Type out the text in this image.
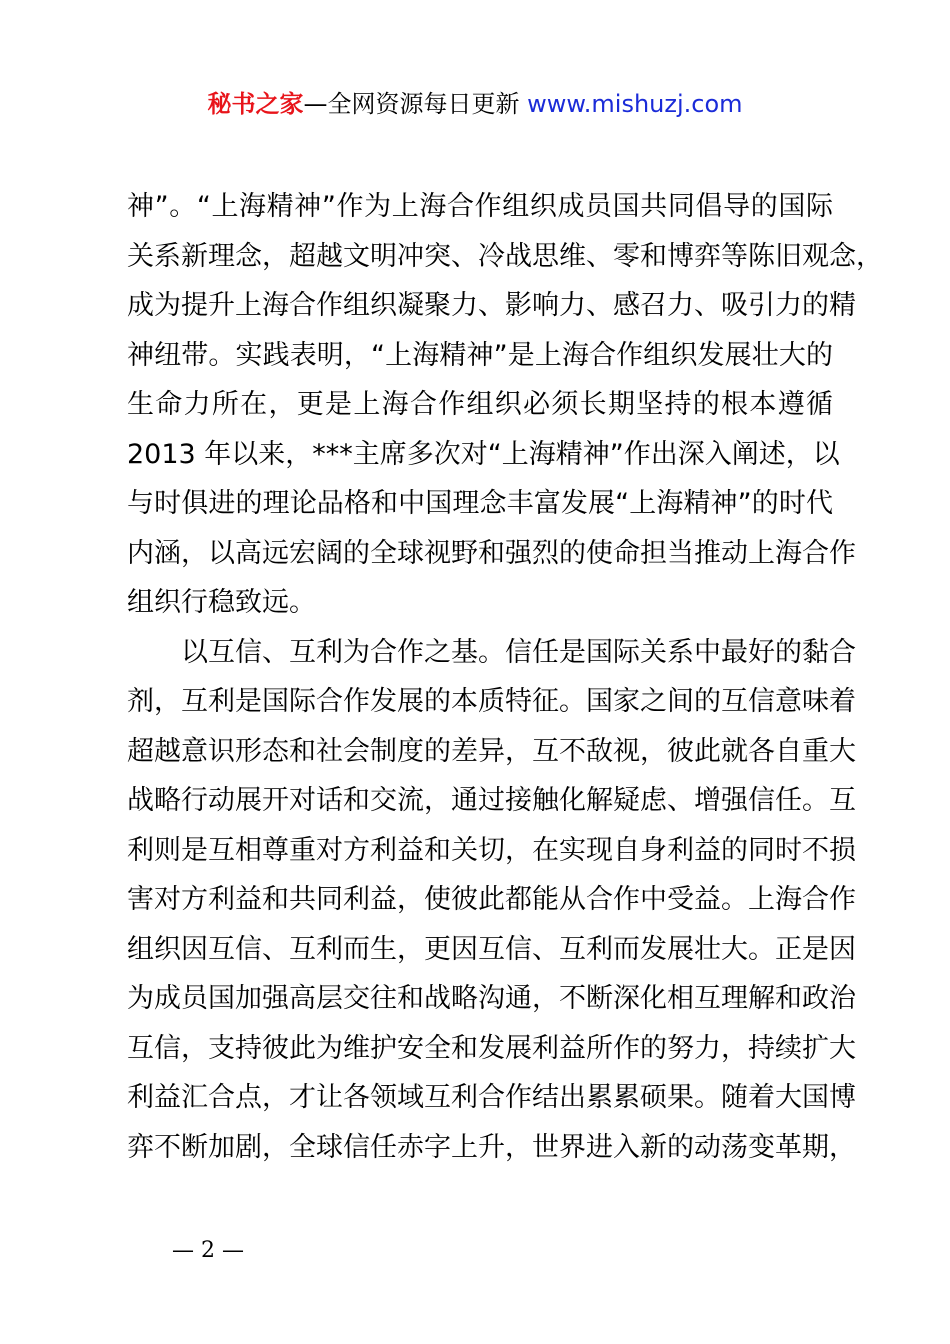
秘书之家—全网资源每日更新 www.mishuzj.com
神”。“上海精神”作为上海合作组织成员国共同倡导的国际
关系新理念，超越文明冲突、冷战思维、零和博弈等陈旧观念，
成为提升上海合作组织凝聚力、影响力、感召力、吸引力的精
神纽带。实践表明，“上海精神”是上海合作组织发展壮大的
生命力所在，更是上海合作组织必须长期坚持的根本遵循
2013 年以来，***主席多次对“上海精神”作出深入阐述，以
与时俱进的理论品格和中国理念丰富发展“上海精神”的时代
内涵，以高远宏阔的全球视野和强烈的使命担当推动上海合作
组织行稳致远。
以互信、互利为合作之基。信任是国际关系中最好的黏合
剂，互利是国际合作发展的本质特征。国家之间的互信意味着
超越意识形态和社会制度的差异，互不敌视，彼此就各自重大
战略行动展开对话和交流，通过接触化解疑虑、增强信任。互
利则是互相尊重对方利益和关切，在实现自身利益的同时不损
害对方利益和共同利益，使彼此都能从合作中受益。上海合作
组织因互信、互利而生，更因互信、互利而发展壮大。正是因
为成员国加强高层交往和战略沟通，不断深化相互理解和政治
互信，支持彼此为维护安全和发展利益所作的努力，持续扩大
利益汇合点，才让各领域互利合作结出累累硕果。随着大国博
弈不断加剧，全球信任赤字上升，世界进入新的动荡变革期，
— 2 —
